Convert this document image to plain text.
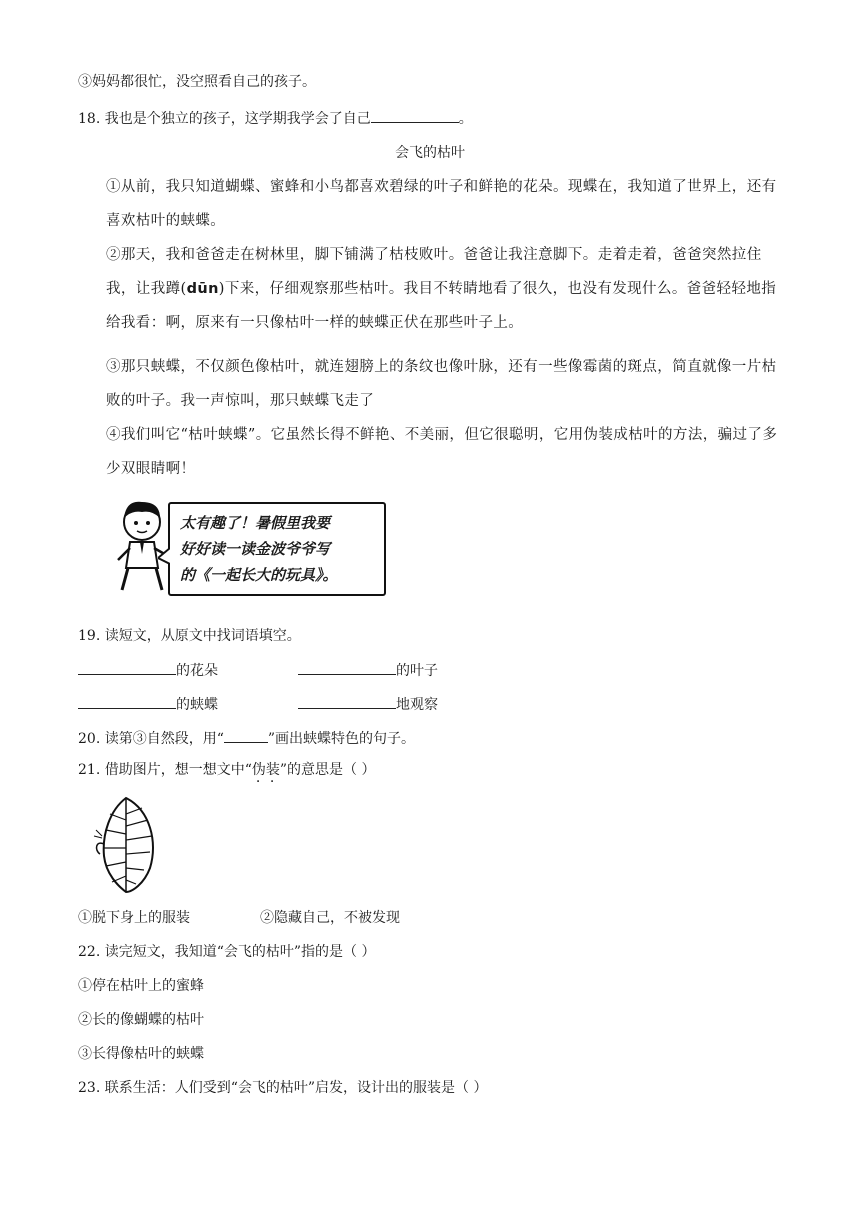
③妈妈都很忙，没空照看自己的孩子。
18. 我也是个独立的孩子，这学期我学会了自己	。
会飞的枯叶
①从前，我只知道蝴蝶、蜜蜂和小鸟都喜欢碧绿的叶子和鲜艳的花朵。现蝶在，我知道了世界上，还有喜欢枯叶的蛱蝶。
②那天，我和爸爸走在树林里，脚下铺满了枯枝败叶。爸爸让我注意脚下。走着走着，爸爸突然拉住我，让我蹲(dūn)下来，仔细观察那些枯叶。我目不转睛地看了很久，也没有发现什么。爸爸轻轻地指给我看：啊，原来有一只像枯叶一样的蛱蝶正伏在那些叶子上。
③那只蛱蝶，不仅颜色像枯叶，就连翅膀上的条纹也像叶脉，还有一些像霉菌的斑点，简直就像一片枯败的叶子。我一声惊叫，那只蛱蝶飞走了
④我们叫它“枯叶蛱蝶”。它虽然长得不鲜艳、不美丽，但它很聪明，它用伪装成枯叶的方法，骗过了多少双眼睛啊！
太有趣了！暑假里我要
好好读一读金波爷爷写
的《一起长大的玩具》。
19. 读短文，从原文中找词语填空。
的花朵	的叶子
的蛱蝶	地观察
20. 读第③自然段，用“	”画出蛱蝶特色的句子。
21. 借助图片，想一想文中“伪装”的意思是（ ）
①脱下身上的服装	②隐藏自己，不被发现
22. 读完短文，我知道“会飞的枯叶”指的是（ ）
①停在枯叶上的蜜蜂
②长的像蝴蝶的枯叶
③长得像枯叶的蛱蝶
23. 联系生活：人们受到“会飞的枯叶”启发，设计出的服装是（ ）
